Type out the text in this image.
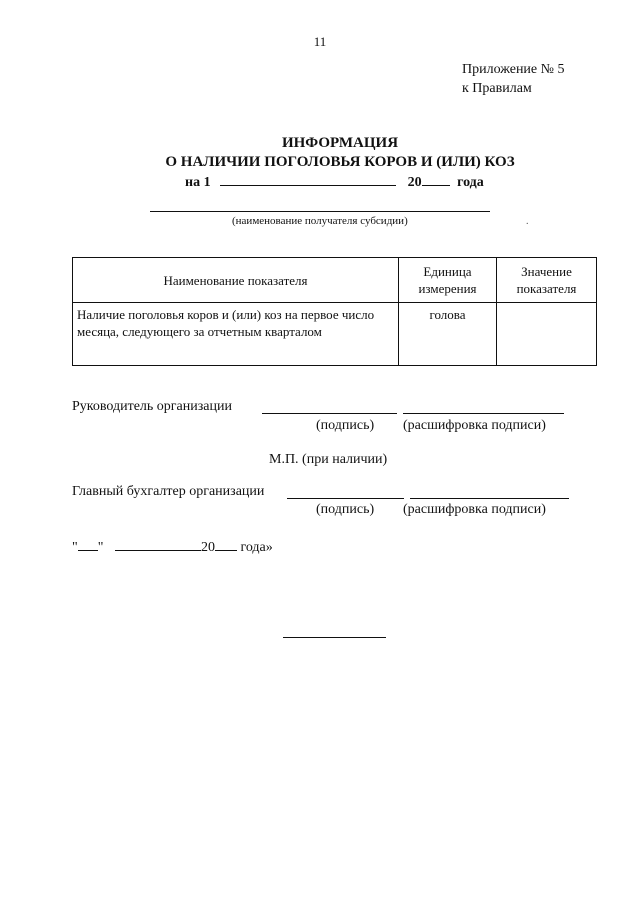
11
Приложение № 5
к Правилам
ИНФОРМАЦИЯ
О НАЛИЧИИ ПОГОЛОВЬЯ КОРОВ И (ИЛИ) КОЗ
на 1	20	года
(наименование получателя субсидии)	.
Наименование показателя	Единица измерения	Значение показателя
Наличие поголовья коров и (или) коз на первое число месяца, следующего за отчетным кварталом	голова	
Руководитель организации
(подпись) (расшифровка подписи)
М.П. (при наличии)
Главный бухгалтер организации
(подпись) (расшифровка подписи)
" "	20 года»
